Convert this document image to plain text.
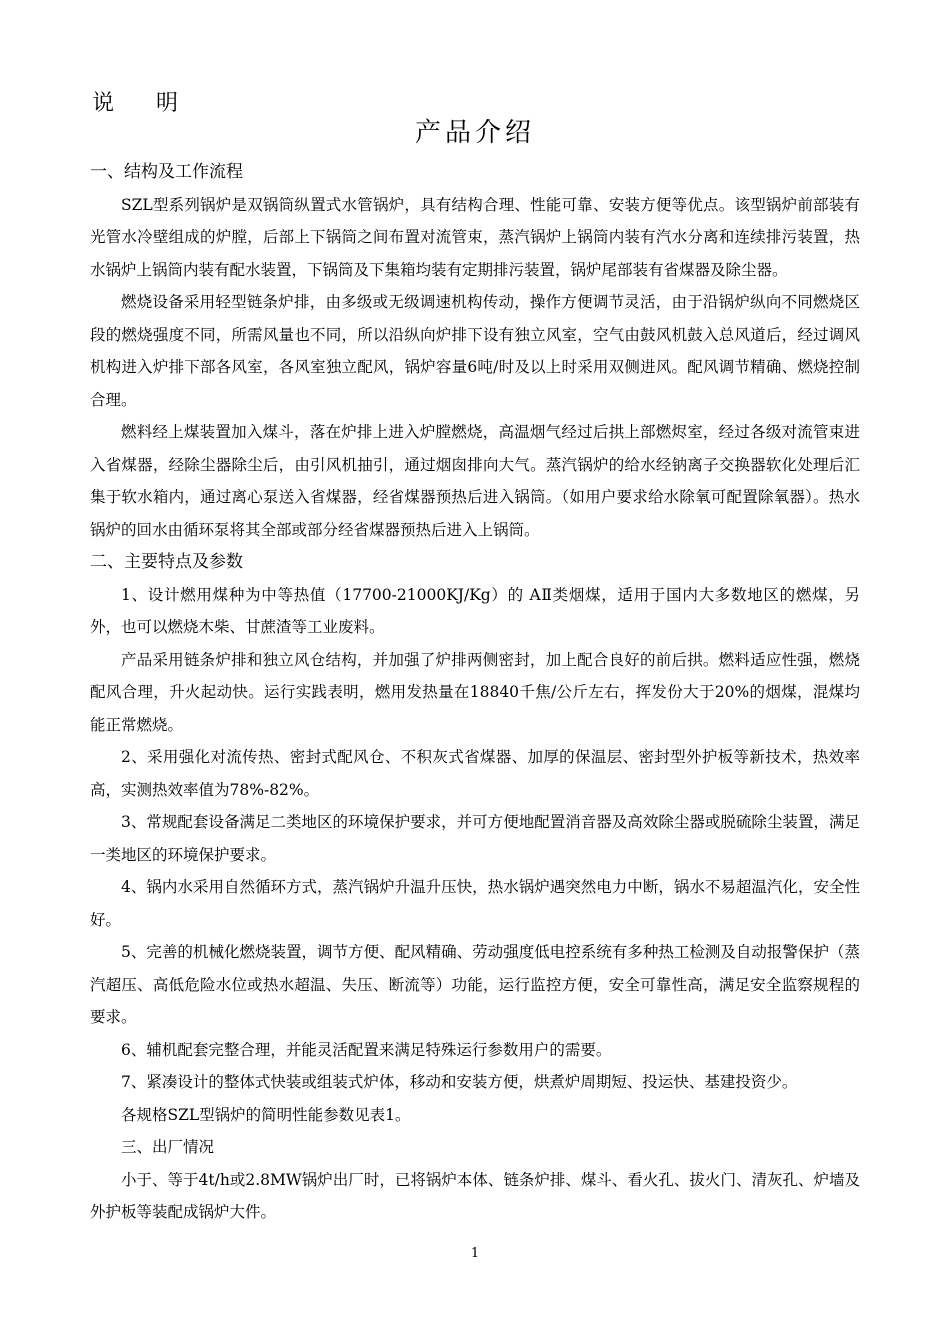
说      明
产品介绍
一、结构及工作流程

SZL型系列锅炉是双锅筒纵置式水管锅炉，具有结构合理、性能可靠、安装方便等优点。该型锅炉前部装有光管水冷壁组成的炉膛，后部上下锅筒之间布置对流管束，蒸汽锅炉上锅筒内装有汽水分离和连续排污装置，热水锅炉上锅筒内装有配水装置，下锅筒及下集箱均装有定期排污装置，锅炉尾部装有省煤器及除尘器。

燃烧设备采用轻型链条炉排，由多级或无级调速机构传动，操作方便调节灵活，由于沿锅炉纵向不同燃烧区段的燃烧强度不同，所需风量也不同，所以沿纵向炉排下设有独立风室，空气由鼓风机鼓入总风道后，经过调风机构进入炉排下部各风室，各风室独立配风，锅炉容量6吨/时及以上时采用双侧进风。配风调节精确、燃烧控制合理。

燃料经上煤装置加入煤斗，落在炉排上进入炉膛燃烧，高温烟气经过后拱上部燃烬室，经过各级对流管束进入省煤器，经除尘器除尘后，由引风机抽引，通过烟囱排向大气。蒸汽锅炉的给水经钠离子交换器软化处理后汇集于软水箱内，通过离心泵送入省煤器，经省煤器预热后进入锅筒。（如用户要求给水除氧可配置除氧器）。热水锅炉的回水由循环泵将其全部或部分经省煤器预热后进入上锅筒。

二、主要特点及参数

1、设计燃用煤种为中等热值（17700-21000KJ/Kg）的 AⅡ类烟煤，适用于国内大多数地区的燃煤，另外，也可以燃烧木柴、甘蔗渣等工业废料。

产品采用链条炉排和独立风仓结构，并加强了炉排两侧密封，加上配合良好的前后拱。燃料适应性强，燃烧配风合理，升火起动快。运行实践表明，燃用发热量在18840千焦/公斤左右，挥发份大于20%的烟煤，混煤均能正常燃烧。

2、采用强化对流传热、密封式配风仓、不积灰式省煤器、加厚的保温层、密封型外护板等新技术，热效率高，实测热效率值为78%-82%。

3、常规配套设备满足二类地区的环境保护要求，并可方便地配置消音器及高效除尘器或脱硫除尘装置，满足一类地区的环境保护要求。

4、锅内水采用自然循环方式，蒸汽锅炉升温升压快，热水锅炉遇突然电力中断，锅水不易超温汽化，安全性好。

5、完善的机械化燃烧装置，调节方便、配风精确、劳动强度低电控系统有多种热工检测及自动报警保护（蒸汽超压、高低危险水位或热水超温、失压、断流等）功能，运行监控方便，安全可靠性高，满足安全监察规程的要求。

6、辅机配套完整合理，并能灵活配置来满足特殊运行参数用户的需要。

7、紧凑设计的整体式快装或组装式炉体，移动和安装方便，烘煮炉周期短、投运快、基建投资少。

各规格SZL型锅炉的简明性能参数见表1。

三、出厂情况

小于、等于4t/h或2.8MW锅炉出厂时，已将锅炉本体、链条炉排、煤斗、看火孔、拔火门、清灰孔、炉墙及外护板等装配成锅炉大件。

1
